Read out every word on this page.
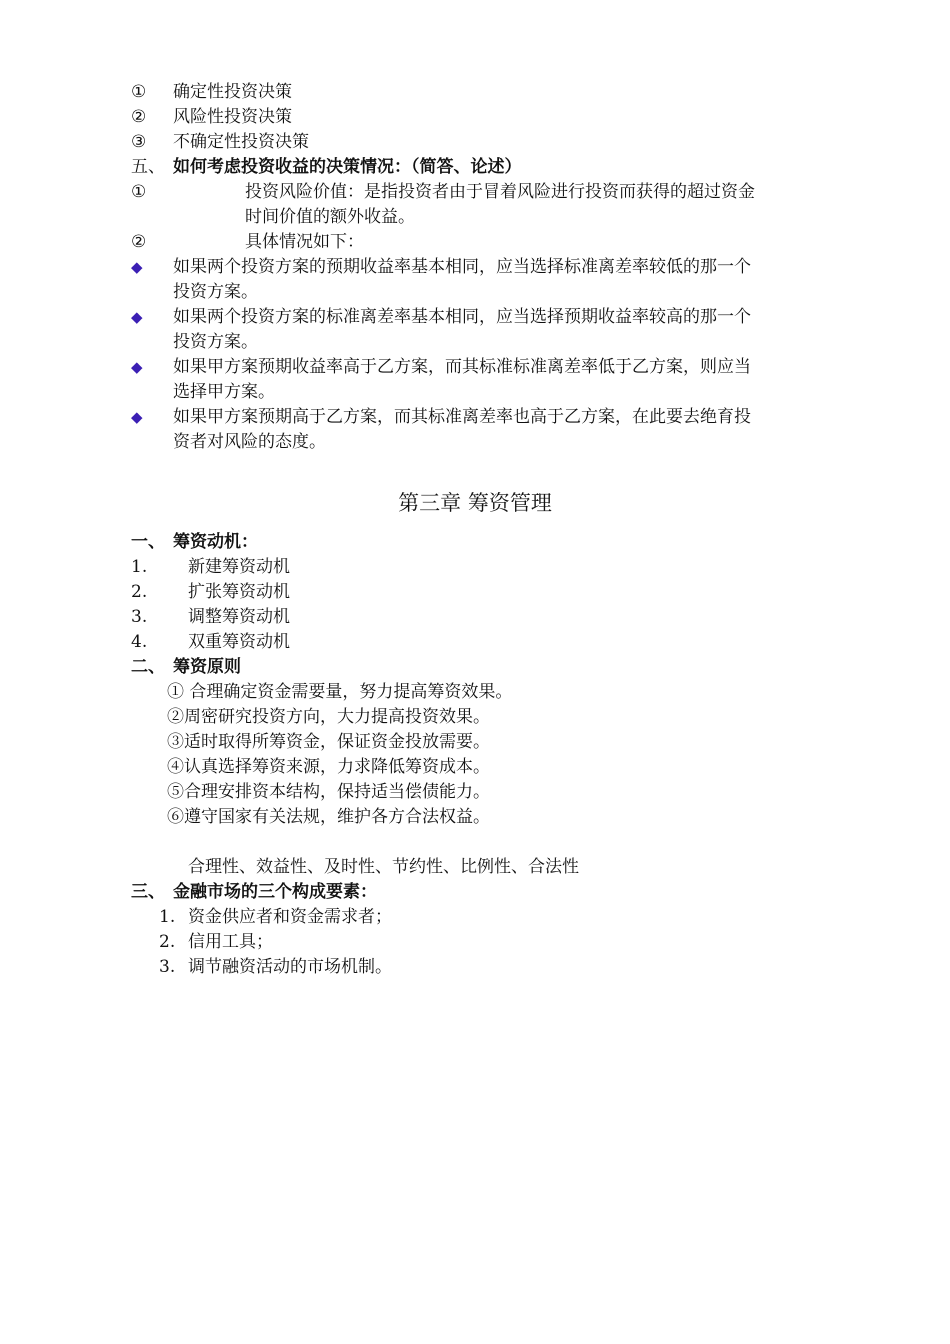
① 确定性投资决策
② 风险性投资决策
③ 不确定性投资决策
五、 如何考虑投资收益的决策情况：（简答、论述）
①	投资风险价值：是指投资者由于冒着风险进行投资而获得的超过资金
时间价值的额外收益。
②	具体情况如下：
◆ 如果两个投资方案的预期收益率基本相同，应当选择标准离差率较低的那一个
投资方案。
◆ 如果两个投资方案的标准离差率基本相同，应当选择预期收益率较高的那一个
投资方案。
◆ 如果甲方案预期收益率高于乙方案，而其标准标准离差率低于乙方案，则应当
选择甲方案。
◆ 如果甲方案预期高于乙方案，而其标准离差率也高于乙方案，在此要去绝育投
资者对风险的态度。
第三章 筹资管理
一、 筹资动机：
1. 新建筹资动机
2. 扩张筹资动机
3. 调整筹资动机
4. 双重筹资动机
二、 筹资原则
① 合理确定资金需要量，努力提高筹资效果。
②周密研究投资方向，大力提高投资效果。
③适时取得所筹资金，保证资金投放需要。
④认真选择筹资来源，力求降低筹资成本。
⑤合理安排资本结构，保持适当偿债能力。
⑥遵守国家有关法规，维护各方合法权益。
合理性、效益性、及时性、节约性、比例性、合法性
三、 金融市场的三个构成要素：
1. 资金供应者和资金需求者；
2. 信用工具；
3. 调节融资活动的市场机制。
